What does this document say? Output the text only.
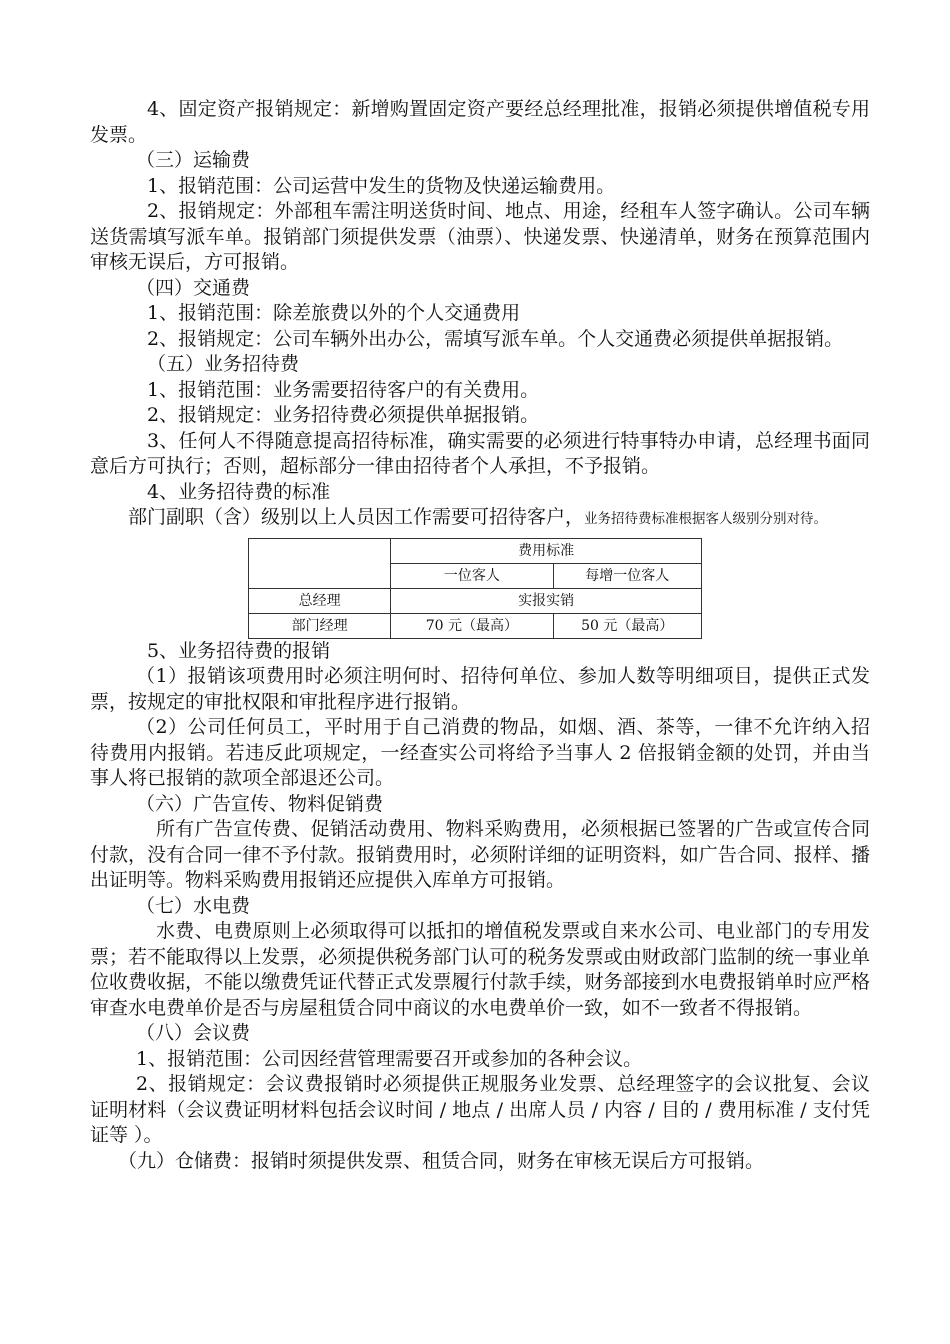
4、固定资产报销规定：新增购置固定资产要经总经理批准，报销必须提供增值税专用发票。

（三）运输费

1、报销范围：公司运营中发生的货物及快递运输费用。

2、报销规定：外部租车需注明送货时间、地点、用途，经租车人签字确认。公司车辆送货需填写派车单。报销部门须提供发票（油票）、快递发票、快递清单，财务在预算范围内审核无误后，方可报销。

（四）交通费

1、报销范围：除差旅费以外的个人交通费用

2、报销规定：公司车辆外出办公，需填写派车单。个人交通费必须提供单据报销。

（五）业务招待费

1、报销范围：业务需要招待客户的有关费用。

2、报销规定：业务招待费必须提供单据报销。

3、任何人不得随意提高招待标准，确实需要的必须进行特事特办申请，总经理书面同意后方可执行；否则，超标部分一律由招待者个人承担，不予报销。

4、业务招待费的标准

部门副职（含）级别以上人员因工作需要可招待客户，业务招待费标准根据客人级别分别对待。

	费用标准	
	一位客人	每增一位客人
总经理	实报实销	
部门经理	70 元（最高）	50 元（最高）

5、业务招待费的报销

（1）报销该项费用时必须注明何时、招待何单位、参加人数等明细项目，提供正式发票，按规定的审批权限和审批程序进行报销。

（2）公司任何员工，平时用于自己消费的物品，如烟、酒、茶等，一律不允许纳入招待费用内报销。若违反此项规定，一经查实公司将给予当事人 2 倍报销金额的处罚，并由当事人将已报销的款项全部退还公司。

（六）广告宣传、物料促销费

所有广告宣传费、促销活动费用、物料采购费用，必须根据已签署的广告或宣传合同付款，没有合同一律不予付款。报销费用时，必须附详细的证明资料，如广告合同、报样、播出证明等。物料采购费用报销还应提供入库单方可报销。

（七）水电费

水费、电费原则上必须取得可以抵扣的增值税发票或自来水公司、电业部门的专用发票；若不能取得以上发票，必须提供税务部门认可的税务发票或由财政部门监制的统一事业单位收费收据，不能以缴费凭证代替正式发票履行付款手续，财务部接到水电费报销单时应严格审查水电费单价是否与房屋租赁合同中商议的水电费单价一致，如不一致者不得报销。

（八）会议费

1、报销范围：公司因经营管理需要召开或参加的各种会议。

2、报销规定：会议费报销时必须提供正规服务业发票、总经理签字的会议批复、会议证明材料（会议费证明材料包括会议时间 / 地点 / 出席人员 / 内容 / 目的 / 费用标准 / 支付凭证等 ）。

（九）仓储费：报销时须提供发票、租赁合同，财务在审核无误后方可报销。
